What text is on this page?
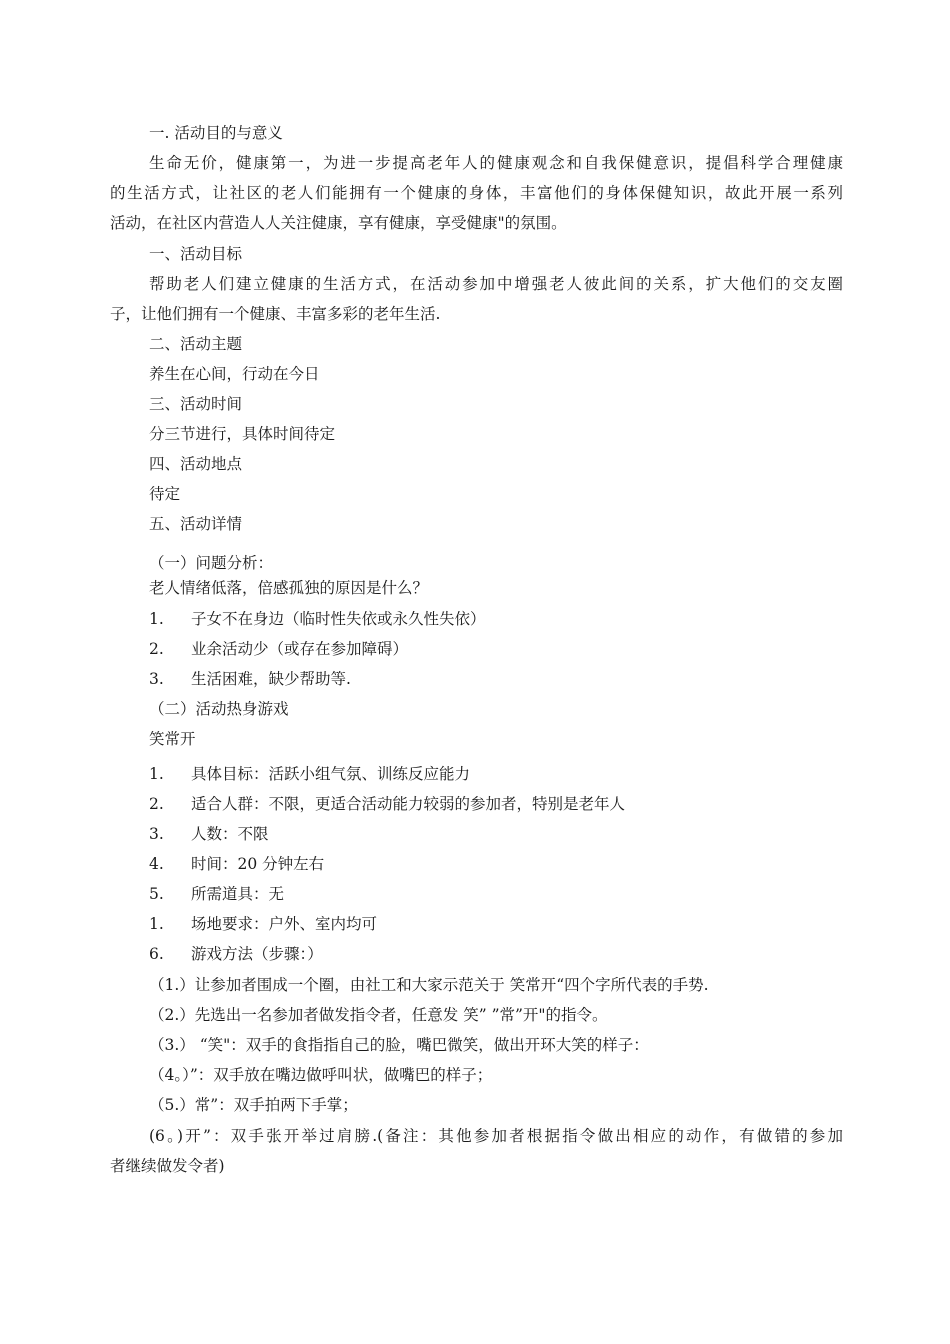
一. 活动目的与意义

生命无价，健康第一，为进一步提高老年人的健康观念和自我保健意识，提倡科学合理健康

的生活方式，让社区的老人们能拥有一个健康的身体，丰富他们的身体保健知识，故此开展一系列

活动，在社区内营造人人关注健康，享有健康，享受健康"的氛围。

一、活动目标

帮助老人们建立健康的生活方式，在活动参加中增强老人彼此间的关系，扩大他们的交友圈

子，让他们拥有一个健康、丰富多彩的老年生活.

二、活动主题

养生在心间，行动在今日

三、活动时间

分三节进行，具体时间待定

四、活动地点

待定

五、活动详情

（一）问题分析：

老人情绪低落，倍感孤独的原因是什么？

1. 子女不在身边（临时性失依或永久性失依）

2. 业余活动少（或存在参加障碍）

3. 生活困难，缺少帮助等.

（二）活动热身游戏

笑常开

1. 具体目标：活跃小组气氛、训练反应能力

2. 适合人群：不限，更适合活动能力较弱的参加者，特别是老年人

3. 人数：不限

4. 时间：20 分钟左右

5. 所需道具：无

1. 场地要求：户外、室内均可

6. 游戏方法（步骤：）

（1.）让参加者围成一个圈，由社工和大家示范关于 笑常开“四个字所代表的手势.

（2.）先选出一名参加者做发指令者，任意发 笑” ”常”开"的指令。

（3.） “笑"：双手的食指指自己的脸，嘴巴微笑，做出开环大笑的样子：

（4。）”：双手放在嘴边做呼叫状，做嘴巴的样子；

（5.）常”：双手拍两下手掌；

(6。)开”：双手张开举过肩膀.(备注：其他参加者根据指令做出相应的动作，有做错的参加

者继续做发令者)
